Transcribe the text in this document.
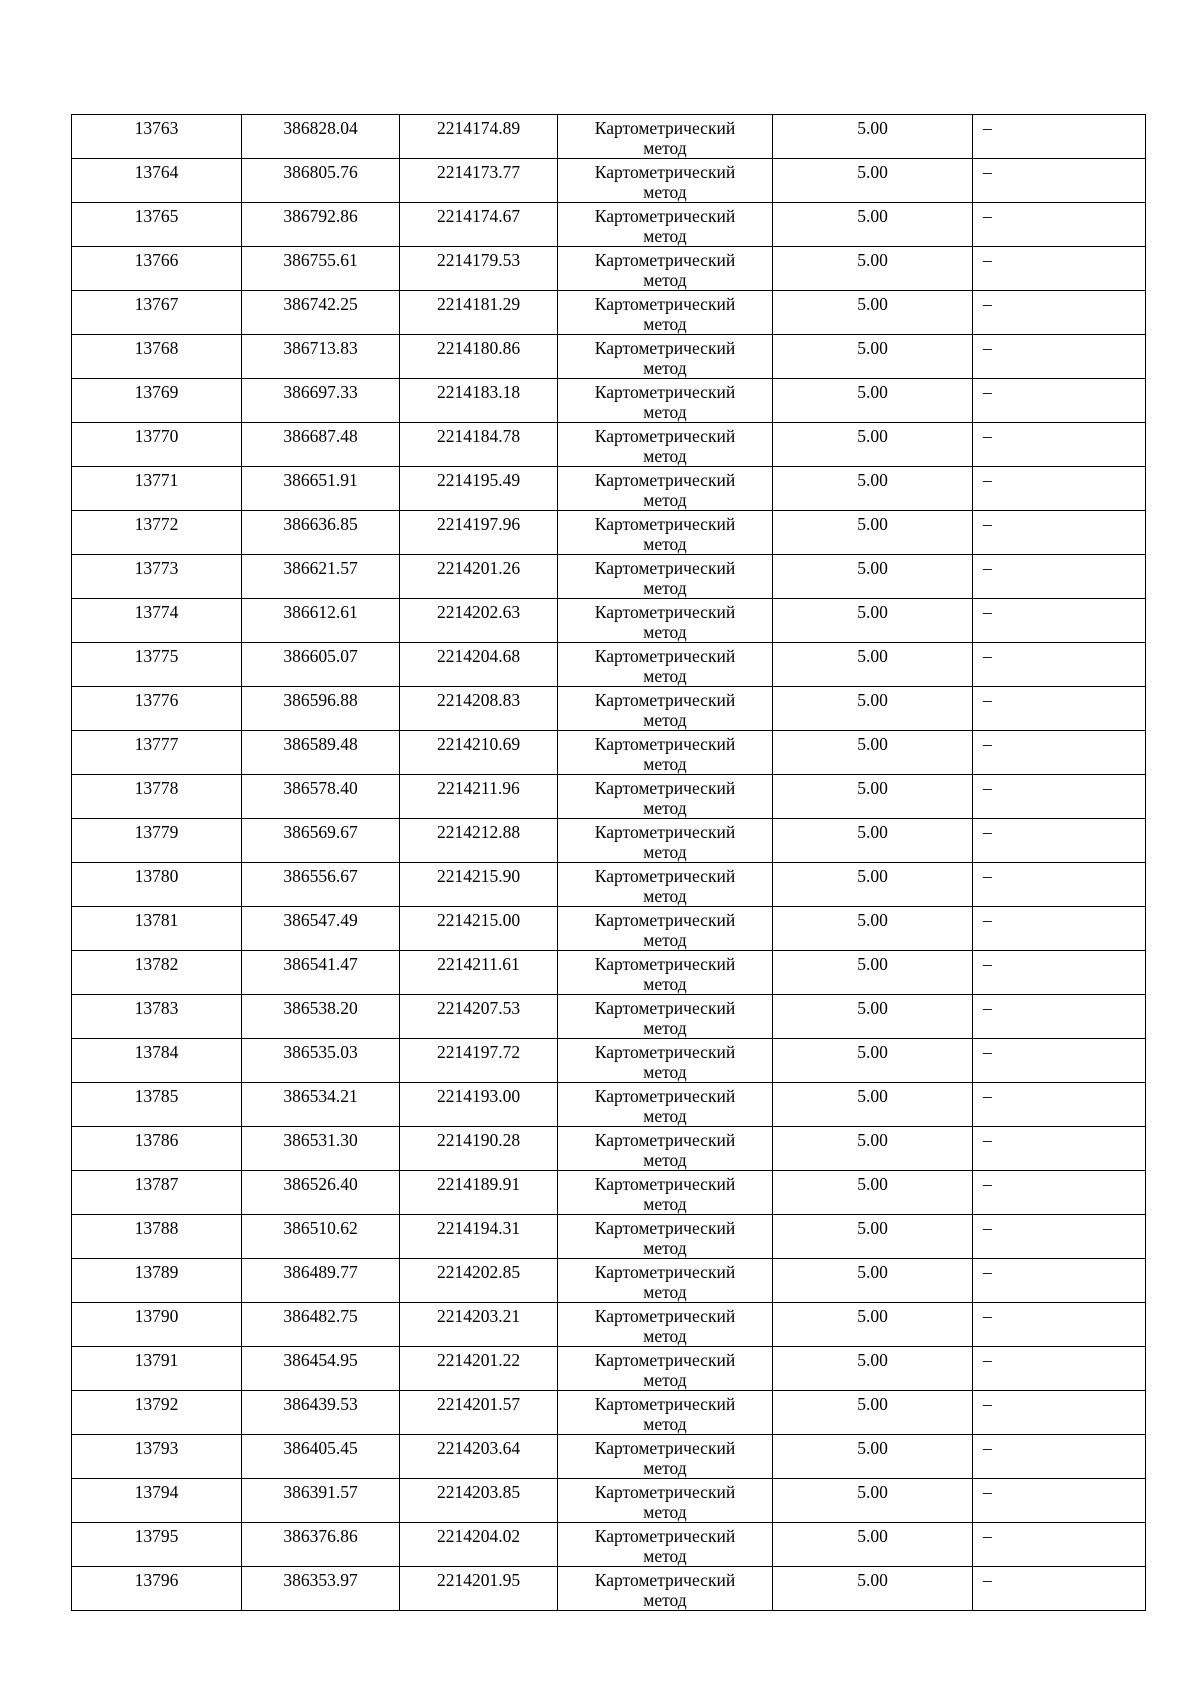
13763	386828.04	2214174.89	Картометрический
метод	5.00	–
13764	386805.76	2214173.77	Картометрический
метод	5.00	–
13765	386792.86	2214174.67	Картометрический
метод	5.00	–
13766	386755.61	2214179.53	Картометрический
метод	5.00	–
13767	386742.25	2214181.29	Картометрический
метод	5.00	–
13768	386713.83	2214180.86	Картометрический
метод	5.00	–
13769	386697.33	2214183.18	Картометрический
метод	5.00	–
13770	386687.48	2214184.78	Картометрический
метод	5.00	–
13771	386651.91	2214195.49	Картометрический
метод	5.00	–
13772	386636.85	2214197.96	Картометрический
метод	5.00	–
13773	386621.57	2214201.26	Картометрический
метод	5.00	–
13774	386612.61	2214202.63	Картометрический
метод	5.00	–
13775	386605.07	2214204.68	Картометрический
метод	5.00	–
13776	386596.88	2214208.83	Картометрический
метод	5.00	–
13777	386589.48	2214210.69	Картометрический
метод	5.00	–
13778	386578.40	2214211.96	Картометрический
метод	5.00	–
13779	386569.67	2214212.88	Картометрический
метод	5.00	–
13780	386556.67	2214215.90	Картометрический
метод	5.00	–
13781	386547.49	2214215.00	Картометрический
метод	5.00	–
13782	386541.47	2214211.61	Картометрический
метод	5.00	–
13783	386538.20	2214207.53	Картометрический
метод	5.00	–
13784	386535.03	2214197.72	Картометрический
метод	5.00	–
13785	386534.21	2214193.00	Картометрический
метод	5.00	–
13786	386531.30	2214190.28	Картометрический
метод	5.00	–
13787	386526.40	2214189.91	Картометрический
метод	5.00	–
13788	386510.62	2214194.31	Картометрический
метод	5.00	–
13789	386489.77	2214202.85	Картометрический
метод	5.00	–
13790	386482.75	2214203.21	Картометрический
метод	5.00	–
13791	386454.95	2214201.22	Картометрический
метод	5.00	–
13792	386439.53	2214201.57	Картометрический
метод	5.00	–
13793	386405.45	2214203.64	Картометрический
метод	5.00	–
13794	386391.57	2214203.85	Картометрический
метод	5.00	–
13795	386376.86	2214204.02	Картометрический
метод	5.00	–
13796	386353.97	2214201.95	Картометрический
метод	5.00	–
